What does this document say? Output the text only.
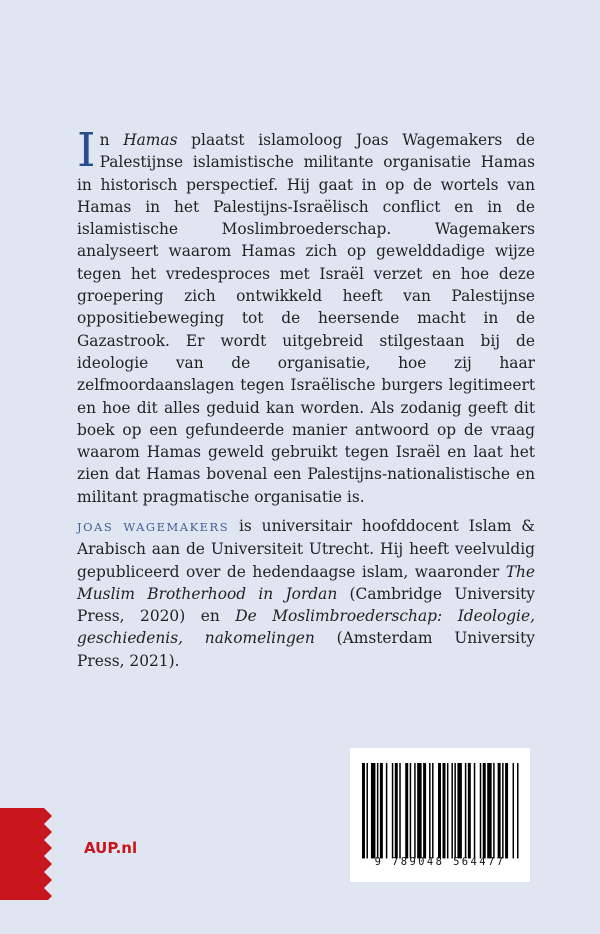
In Hamas plaatst islamoloog Joas Wagemakers de Palestijnse islamistische militante organisatie Hamas in historisch perspectief. Hij gaat in op de wortels van Hamas in het Palestijns-Israëlisch conflict en in de islamistische Moslimbroederschap. Wagemakers analyseert waarom Hamas zich op gewelddadige wijze tegen het vredesproces met Israël verzet en hoe deze groepering zich ontwikkeld heeft van Palestijnse oppositiebeweging tot de heersende macht in de Gazastrook. Er wordt uitgebreid stilgestaan bij de ideologie van de organisatie, hoe zij haar zelfmoordaanslagen tegen Israëlische burgers legitimeert en hoe dit alles geduid kan worden. Als zodanig geeft dit boek op een gefundeerde manier antwoord op de vraag waarom Hamas geweld gebruikt tegen Israël en laat het zien dat Hamas bovenal een Palestijns-nationalistische en militant pragmatische organisatie is.

JOAS WAGEMAKERS is universitair hoofddocent Islam & Arabisch aan de Universiteit Utrecht. Hij heeft veelvuldig gepubliceerd over de hedendaagse islam, waaronder The Muslim Brotherhood in Jordan (Cambridge University Press, 2020) en De Moslimbroederschap: Ideologie, geschiedenis, nakomelingen (Amsterdam University Press, 2021).

9 789048 564477
AUP.nl
